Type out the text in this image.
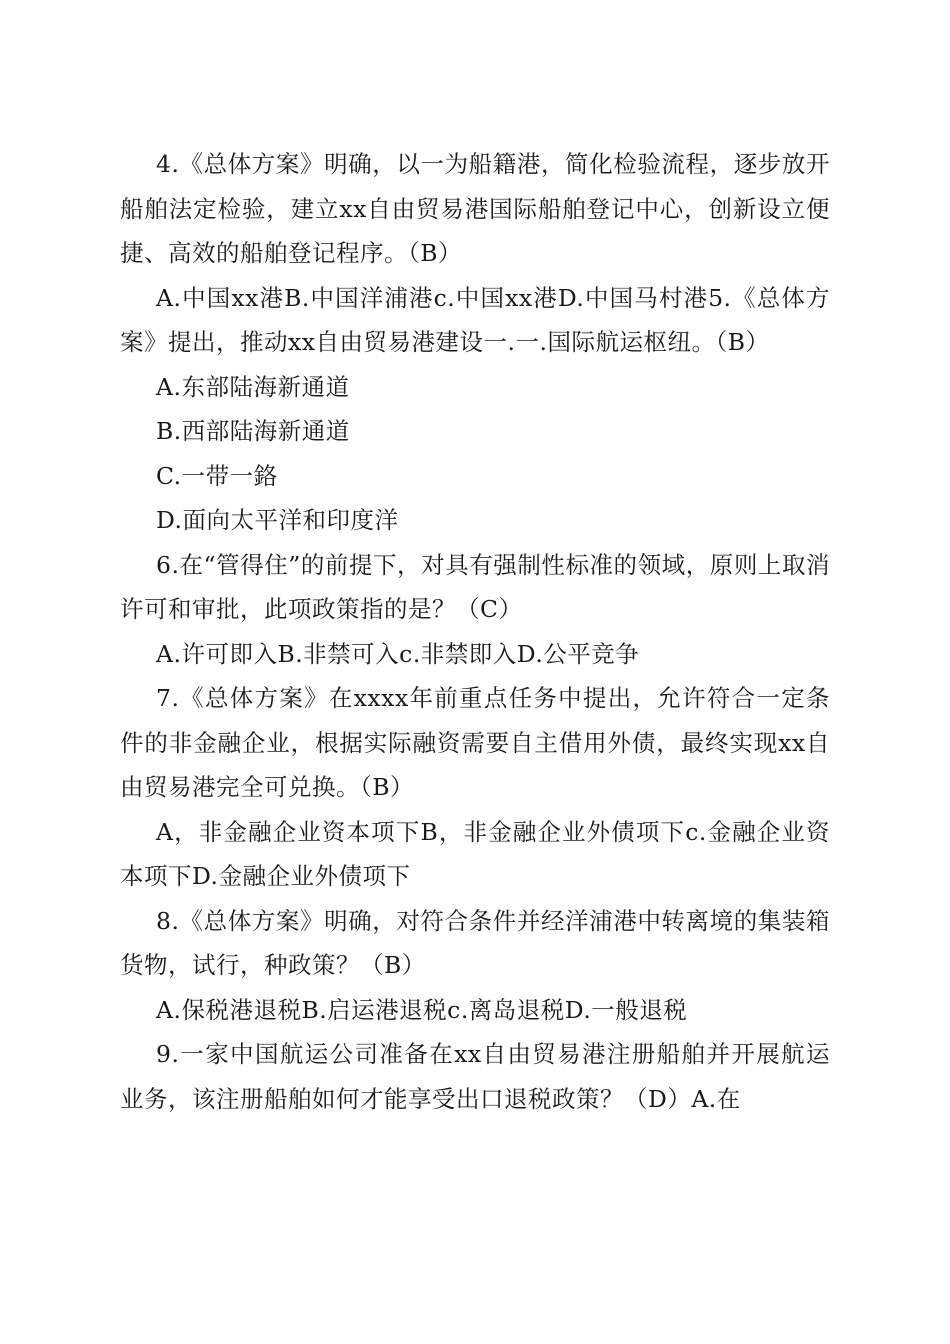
4.《总体方案》明确，以一为船籍港，简化检验流程，逐步放开船舶法定检验，建立xx自由贸易港国际船舶登记中心，创新设立便捷、高效的船舶登记程序。（B）

A.中国xx港B.中国洋浦港c.中国xx港D.中国马村港5.《总体方案》提出，推动xx自由贸易港建设一.一.国际航运枢纽。（B）

A.东部陆海新通道

B.西部陆海新通道

C.一带一鉻

D.面向太平洋和印度洋

6.在“管得住”的前提下，对具有强制性标准的领域，原则上取消许可和审批，此项政策指的是？（C）

A.许可即入B.非禁可入c.非禁即入D.公平竞争

7.《总体方案》在xxxx年前重点任务中提出，允许符合一定条件的非金融企业，根据实际融资需要自主借用外债，最终实现xx自由贸易港完全可兑换。（B）

A，非金融企业资本项下B，非金融企业外债项下c.金融企业资本项下D.金融企业外债项下

8.《总体方案》明确，对符合条件并经洋浦港中转离境的集装箱货物，试行，种政策？（B）

A.保税港退税B.启运港退税c.离岛退税D.一般退税

9.一家中国航运公司准备在xx自由贸易港注册船舶并开展航运业务，该注册船舶如何才能享受出口退税政策？（D）A.在
